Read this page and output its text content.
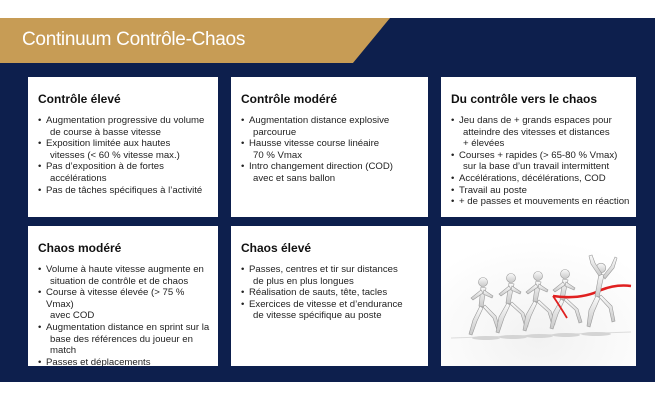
Continuum Contrôle-Chaos
Contrôle élevé
• Augmentation progressive du volume
de course à basse vitesse
• Exposition limitée aux hautes
vitesses (< 60 % vitesse max.)
• Pas d’exposition à de fortes
accélérations
• Pas de tâches spécifiques à l’activité
Contrôle modéré
• Augmentation distance explosive
parcourue
• Hausse vitesse course linéaire
70 % Vmax
• Intro changement direction (COD)
avec et sans ballon
Du contrôle vers le chaos
• Jeu dans de + grands espaces pour
atteindre des vitesses et distances
+ élevées
• Courses + rapides (> 65-80 % Vmax)
sur la base d’un travail intermittent
• Accélérations, décélérations, COD
• Travail au poste
• + de passes et mouvements en réaction
Chaos modéré
• Volume à haute vitesse augmente en
situation de contrôle et de chaos
• Course à vitesse élevée (> 75 % Vmax)
avec COD
• Augmentation distance en sprint sur la
base des références du joueur en match
• Passes et déplacements
Chaos élevé
• Passes, centres et tir sur distances
de plus en plus longues
• Réalisation de sauts, tête, tacles
• Exercices de vitesse et d’endurance
de vitesse spécifique au poste
